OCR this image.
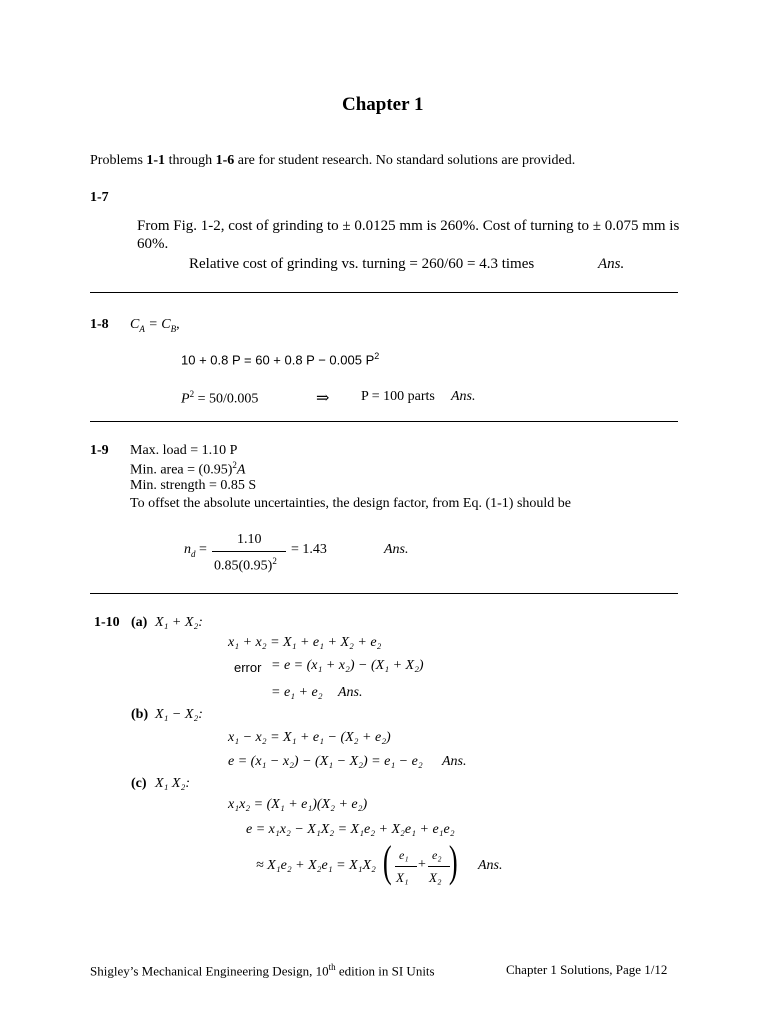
Chapter 1
Problems 1-1 through 1-6 are for student research. No standard solutions are provided.
1-7
From Fig. 1-2, cost of grinding to ± 0.0125 mm is 260%. Cost of turning to ± 0.075 mm is
60%.
Relative cost of grinding vs. turning = 260/60 = 4.3 times	Ans.
1-8 $C_A = C_B$,
10 + 0.8 P = 60 + 0.8 P − 0.005 $P^2$
$P^2 = 50/0.005$	⇒ P = 100 parts Ans.
1-9 Max. load = 1.10 P
Min. area = $(0.95)^2A$
Min. strength = 0.85 S
To offset the absolute uncertainties, the design factor, from Eq. (1-1) should be
$n_d$ =
1.10
$0.85(0.95)^2$
= 1.43	Ans.
1-10 (a) X₁ + X₂:
x₁ + x₂ = X₁ + e₁ + X₂ + e₂
error = e = (x₁ + x₂) − (X₁ + X₂)
= e₁ + e₂ Ans.
(b) X₁ − X₂:
x₁ − x₂ = X₁ + e₁ − (X₂ + e₂)
e = (x₁ − x₂) − (X₁ − X₂) = e₁ − e₂ Ans.
(c) X₁ X₂:
x₁x₂ = (X₁ + e₁)(X₂ + e₂)
e = x₁x₂ − X₁X₂ = X₁e₂ + X₂e₁ + e₁e₂
≈ X₁e₂ + X₂e₁ = X₁X₂ ( e₁
X₁
+
e₂
X₂ ) Ans.
Shigley’s Mechanical Engineering Design, 10th edition in SI Units	Chapter 1 Solutions, Page 1/12
